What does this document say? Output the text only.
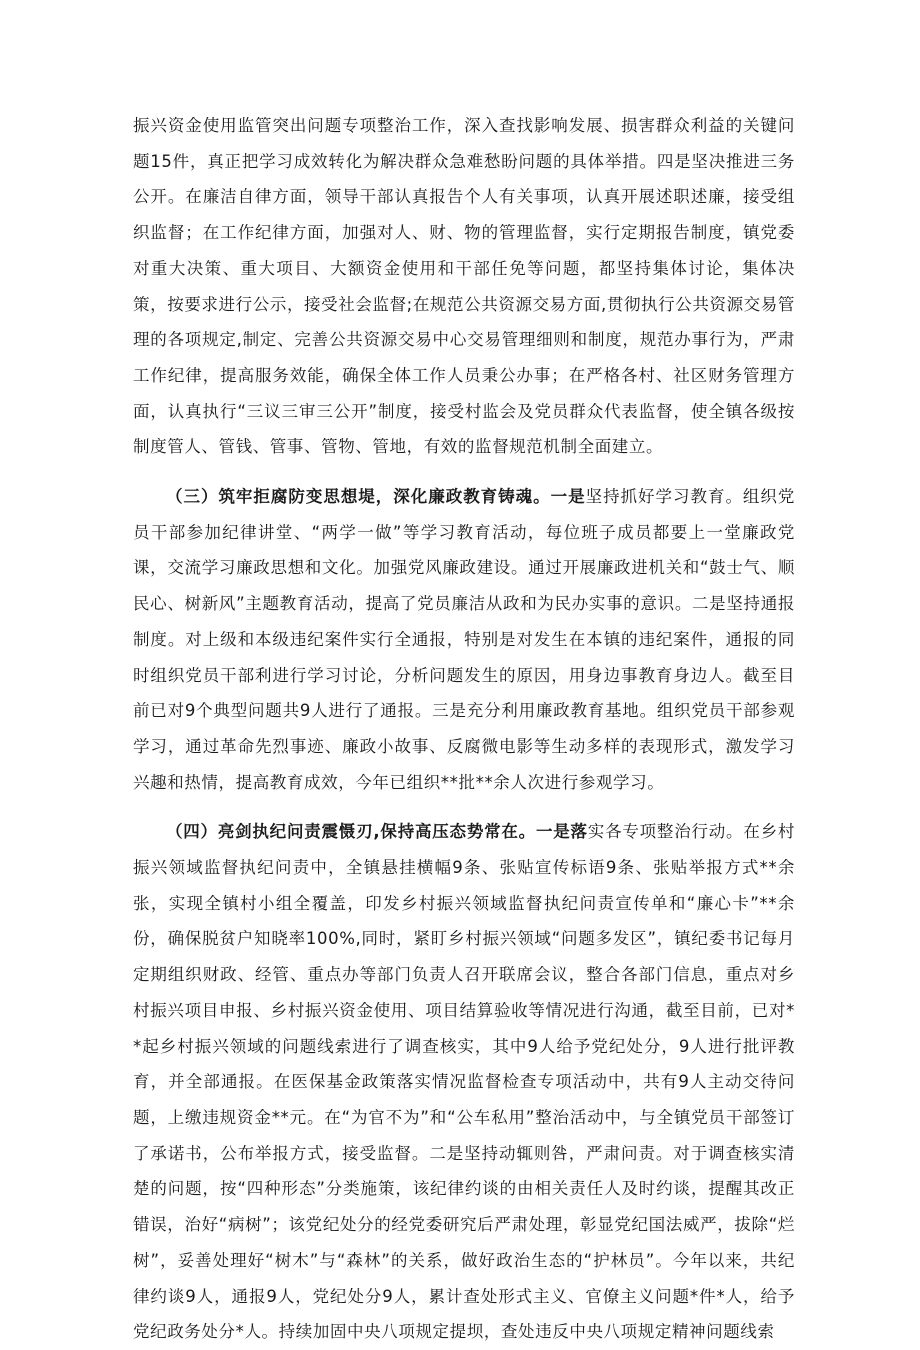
振兴资金使用监管突出问题专项整治工作，深入查找影响发展、损害群众利益的关键问题15件，真正把学习成效转化为解决群众急难愁盼问题的具体举措。四是坚决推进三务公开。在廉洁自律方面，领导干部认真报告个人有关事项，认真开展述职述廉，接受组织监督；在工作纪律方面，加强对人、财、物的管理监督，实行定期报告制度，镇党委对重大决策、重大项目、大额资金使用和干部任免等问题，都坚持集体讨论，集体决策，按要求进行公示，接受社会监督;在规范公共资源交易方面,贯彻执行公共资源交易管理的各项规定,制定、完善公共资源交易中心交易管理细则和制度，规范办事行为，严肃工作纪律，提高服务效能，确保全体工作人员秉公办事；在严格各村、社区财务管理方面，认真执行“三议三审三公开”制度，接受村监会及党员群众代表监督，使全镇各级按制度管人、管钱、管事、管物、管地，有效的监督规范机制全面建立。

（三）筑牢拒腐防变思想堤，深化廉政教育铸魂。一是坚持抓好学习教育。组织党员干部参加纪律讲堂、“两学一做”等学习教育活动，每位班子成员都要上一堂廉政党课，交流学习廉政思想和文化。加强党风廉政建设。通过开展廉政进机关和“鼓士气、顺民心、树新风”主题教育活动，提高了党员廉洁从政和为民办实事的意识。二是坚持通报制度。对上级和本级违纪案件实行全通报，特别是对发生在本镇的违纪案件，通报的同时组织党员干部利进行学习讨论，分析问题发生的原因，用身边事教育身边人。截至目前已对9个典型问题共9人进行了通报。三是充分利用廉政教育基地。组织党员干部参观学习，通过革命先烈事迹、廉政小故事、反腐微电影等生动多样的表现形式，激发学习兴趣和热情，提高教育成效，今年已组织**批**余人次进行参观学习。

（四）亮剑执纪问责震慑刃,保持高压态势常在。一是落实各专项整治行动。在乡村振兴领域监督执纪问责中，全镇悬挂横幅9条、张贴宣传标语9条、张贴举报方式**余张，实现全镇村小组全覆盖，印发乡村振兴领域监督执纪问责宣传单和“廉心卡”**余份，确保脱贫户知晓率100%,同时，紧盯乡村振兴领域“问题多发区”，镇纪委书记每月定期组织财政、经管、重点办等部门负责人召开联席会议，整合各部门信息，重点对乡村振兴项目申报、乡村振兴资金使用、项目结算验收等情况进行沟通，截至目前，已对**起乡村振兴领域的问题线索进行了调查核实，其中9人给予党纪处分，9人进行批评教育，并全部通报。在医保基金政策落实情况监督检查专项活动中，共有9人主动交待问题，上缴违规资金**元。在“为官不为”和“公车私用”整治活动中，与全镇党员干部签订了承诺书，公布举报方式，接受监督。二是坚持动辄则咎，严肃问责。对于调查核实清楚的问题，按“四种形态”分类施策，该纪律约谈的由相关责任人及时约谈，提醒其改正错误，治好“病树”；该党纪处分的经党委研究后严肃处理，彰显党纪国法威严，拔除“烂树”，妥善处理好“树木”与“森林”的关系，做好政治生态的“护林员”。今年以来，共纪律约谈9人，通报9人，党纪处分9人，累计查处形式主义、官僚主义问题*件*人，给予党纪政务处分*人。持续加固中央八项规定提坝，查处违反中央八项规定精神问题线索
